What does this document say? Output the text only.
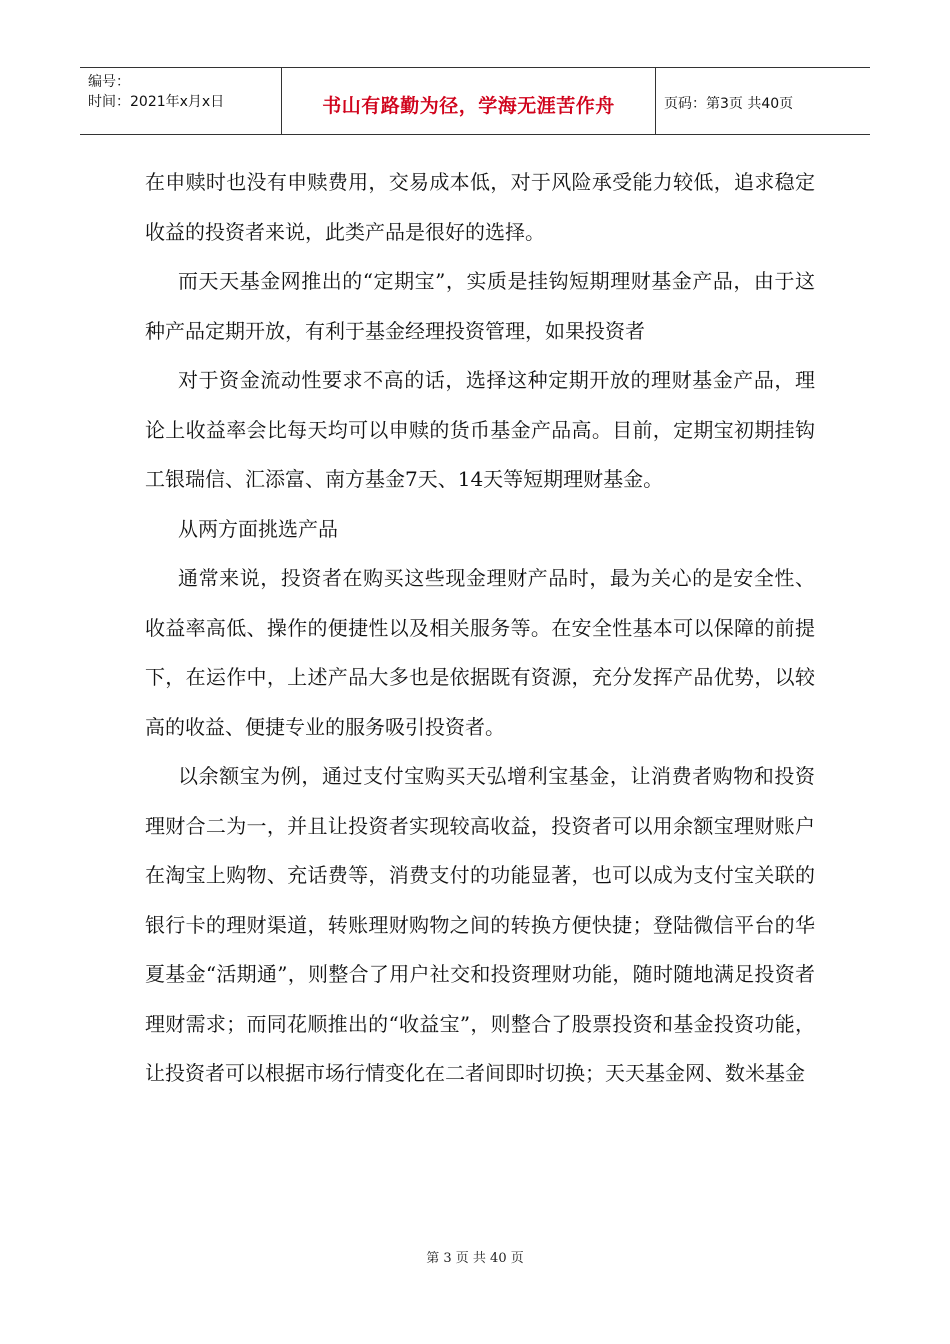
编号：
时间：2021年x月x日	书山有路勤为径，学海无涯苦作舟	页码：第3页 共40页

在申赎时也没有申赎费用，交易成本低，对于风险承受能力较低，追求稳定收益的投资者来说，此类产品是很好的选择。

而天天基金网推出的“定期宝”，实质是挂钩短期理财基金产品，由于这种产品定期开放，有利于基金经理投资管理，如果投资者

对于资金流动性要求不高的话，选择这种定期开放的理财基金产品，理论上收益率会比每天均可以申赎的货币基金产品高。目前，定期宝初期挂钩工银瑞信、汇添富、南方基金7天、14天等短期理财基金。

从两方面挑选产品

通常来说，投资者在购买这些现金理财产品时，最为关心的是安全性、收益率高低、操作的便捷性以及相关服务等。在安全性基本可以保障的前提下，在运作中，上述产品大多也是依据既有资源，充分发挥产品优势，以较高的收益、便捷专业的服务吸引投资者。

以余额宝为例，通过支付宝购买天弘增利宝基金，让消费者购物和投资理财合二为一，并且让投资者实现较高收益，投资者可以用余额宝理财账户在淘宝上购物、充话费等，消费支付的功能显著，也可以成为支付宝关联的银行卡的理财渠道，转账理财购物之间的转换方便快捷；登陆微信平台的华夏基金“活期通”，则整合了用户社交和投资理财功能，随时随地满足投资者理财需求；而同花顺推出的“收益宝”，则整合了股票投资和基金投资功能，让投资者可以根据市场行情变化在二者间即时切换；天天基金网、数米基金

第 3 页 共 40 页
